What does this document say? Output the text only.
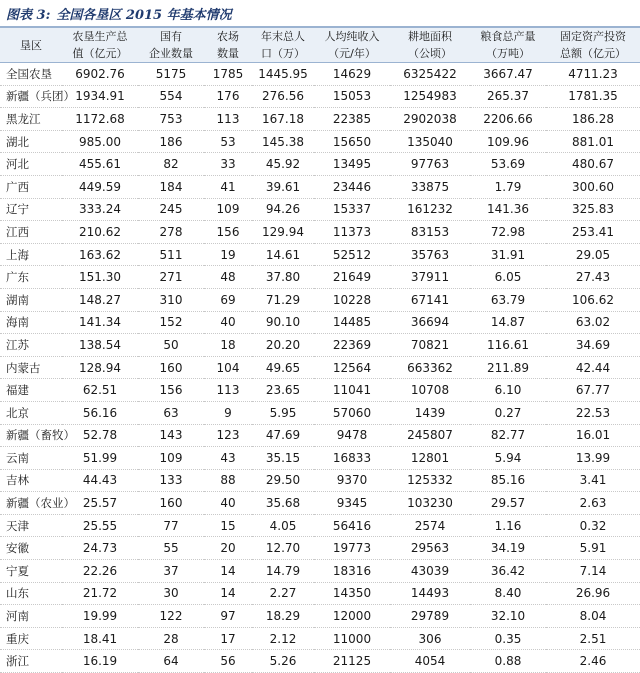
图表 3: 全国各垦区 2015 年基本情况
垦区	农垦生产总	国有	农场	年末总人	人均纯收入	耕地面积	粮食总产量	固定资产投资
	值（亿元）	企业数量	数量	口（万）	（元/年）	（公顷）	（万吨）	总额（亿元）
全国农垦	6902.76	5175	1785	1445.95	14629	6325422	3667.47	4711.23
新疆（兵团）	1934.91	554	176	276.56	15053	1254983	265.37	1781.35
黑龙江	1172.68	753	113	167.18	22385	2902038	2206.66	186.28
湖北	985.00	186	53	145.38	15650	135040	109.96	881.01
河北	455.61	82	33	45.92	13495	97763	53.69	480.67
广西	449.59	184	41	39.61	23446	33875	1.79	300.60
辽宁	333.24	245	109	94.26	15337	161232	141.36	325.83
江西	210.62	278	156	129.94	11373	83153	72.98	253.41
上海	163.62	511	19	14.61	52512	35763	31.91	29.05
广东	151.30	271	48	37.80	21649	37911	6.05	27.43
湖南	148.27	310	69	71.29	10228	67141	63.79	106.62
海南	141.34	152	40	90.10	14485	36694	14.87	63.02
江苏	138.54	50	18	20.20	22369	70821	116.61	34.69
内蒙古	128.94	160	104	49.65	12564	663362	211.89	42.44
福建	62.51	156	113	23.65	11041	10708	6.10	67.77
北京	56.16	63	9	5.95	57060	1439	0.27	22.53
新疆（畜牧）	52.78	143	123	47.69	9478	245807	82.77	16.01
云南	51.99	109	43	35.15	16833	12801	5.94	13.99
吉林	44.43	133	88	29.50	9370	125332	85.16	3.41
新疆（农业）	25.57	160	40	35.68	9345	103230	29.57	2.63
天津	25.55	77	15	4.05	56416	2574	1.16	0.32
安徽	24.73	55	20	12.70	19773	29563	34.19	5.91
宁夏	22.26	37	14	14.79	18316	43039	36.42	7.14
山东	21.72	30	14	2.27	14350	14493	8.40	26.96
河南	19.99	122	97	18.29	12000	29789	32.10	8.04
重庆	18.41	28	17	2.12	11000	306	0.35	2.51
浙江	16.19	64	56	5.26	21125	4054	0.88	2.46
